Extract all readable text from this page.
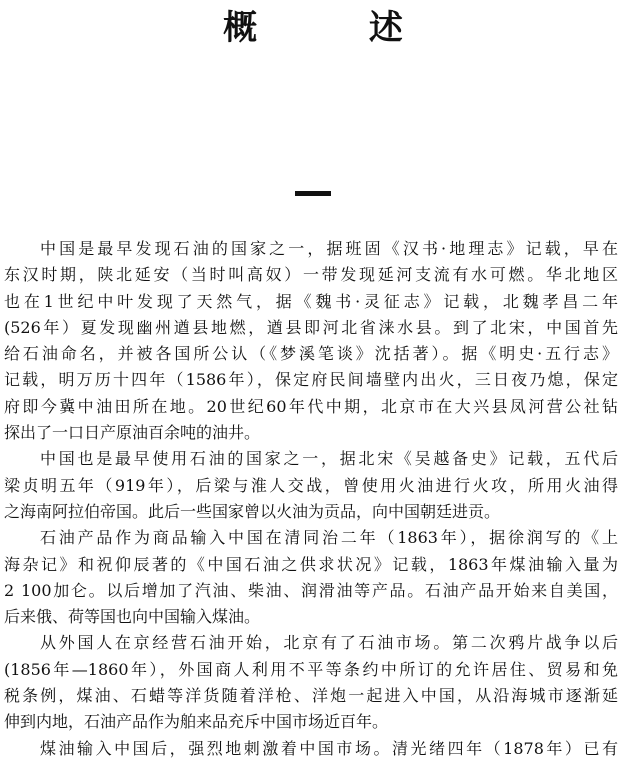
概 述
中国是最早发现石油的国家之一，据班固《汉书·地理志》记载，早在
东汉时期，陕北延安（当时叫高奴）一带发现延河支流有水可燃。华北地区
也在1世纪中叶发现了天然气，据《魏书·灵征志》记载，北魏孝昌二年
(526年）夏发现幽州遒县地燃，遒县即河北省涞水县。到了北宋，中国首先
给石油命名，并被各国所公认（《梦溪笔谈》沈括著）。据《明史·五行志》
记载，明万历十四年（1586年），保定府民间墙壁内出火，三日夜乃熄，保定
府即今冀中油田所在地。20世纪60年代中期，北京市在大兴县凤河营公社钻
探出了一口日产原油百余吨的油井。
中国也是最早使用石油的国家之一，据北宋《吴越备史》记载，五代后
梁贞明五年（919年），后梁与淮人交战，曾使用火油进行火攻，所用火油得
之海南阿拉伯帝国。此后一些国家曾以火油为贡品，向中国朝廷进贡。
石油产品作为商品输入中国在清同治二年（1863年），据徐润写的《上
海杂记》和祝仰辰著的《中国石油之供求状况》记载，1863年煤油输入量为
2 100加仑。以后增加了汽油、柴油、润滑油等产品。石油产品开始来自美国，
后来俄、荷等国也向中国输入煤油。
从外国人在京经营石油开始，北京有了石油市场。第二次鸦片战争以后
(1856年—1860年），外国商人利用不平等条约中所订的允许居住、贸易和免
税条例，煤油、石蜡等洋货随着洋枪、洋炮一起进入中国，从沿海城市逐渐延
伸到内地，石油产品作为舶来品充斥中国市场近百年。
煤油输入中国后，强烈地刺激着中国市场。清光绪四年（1878年）已有
